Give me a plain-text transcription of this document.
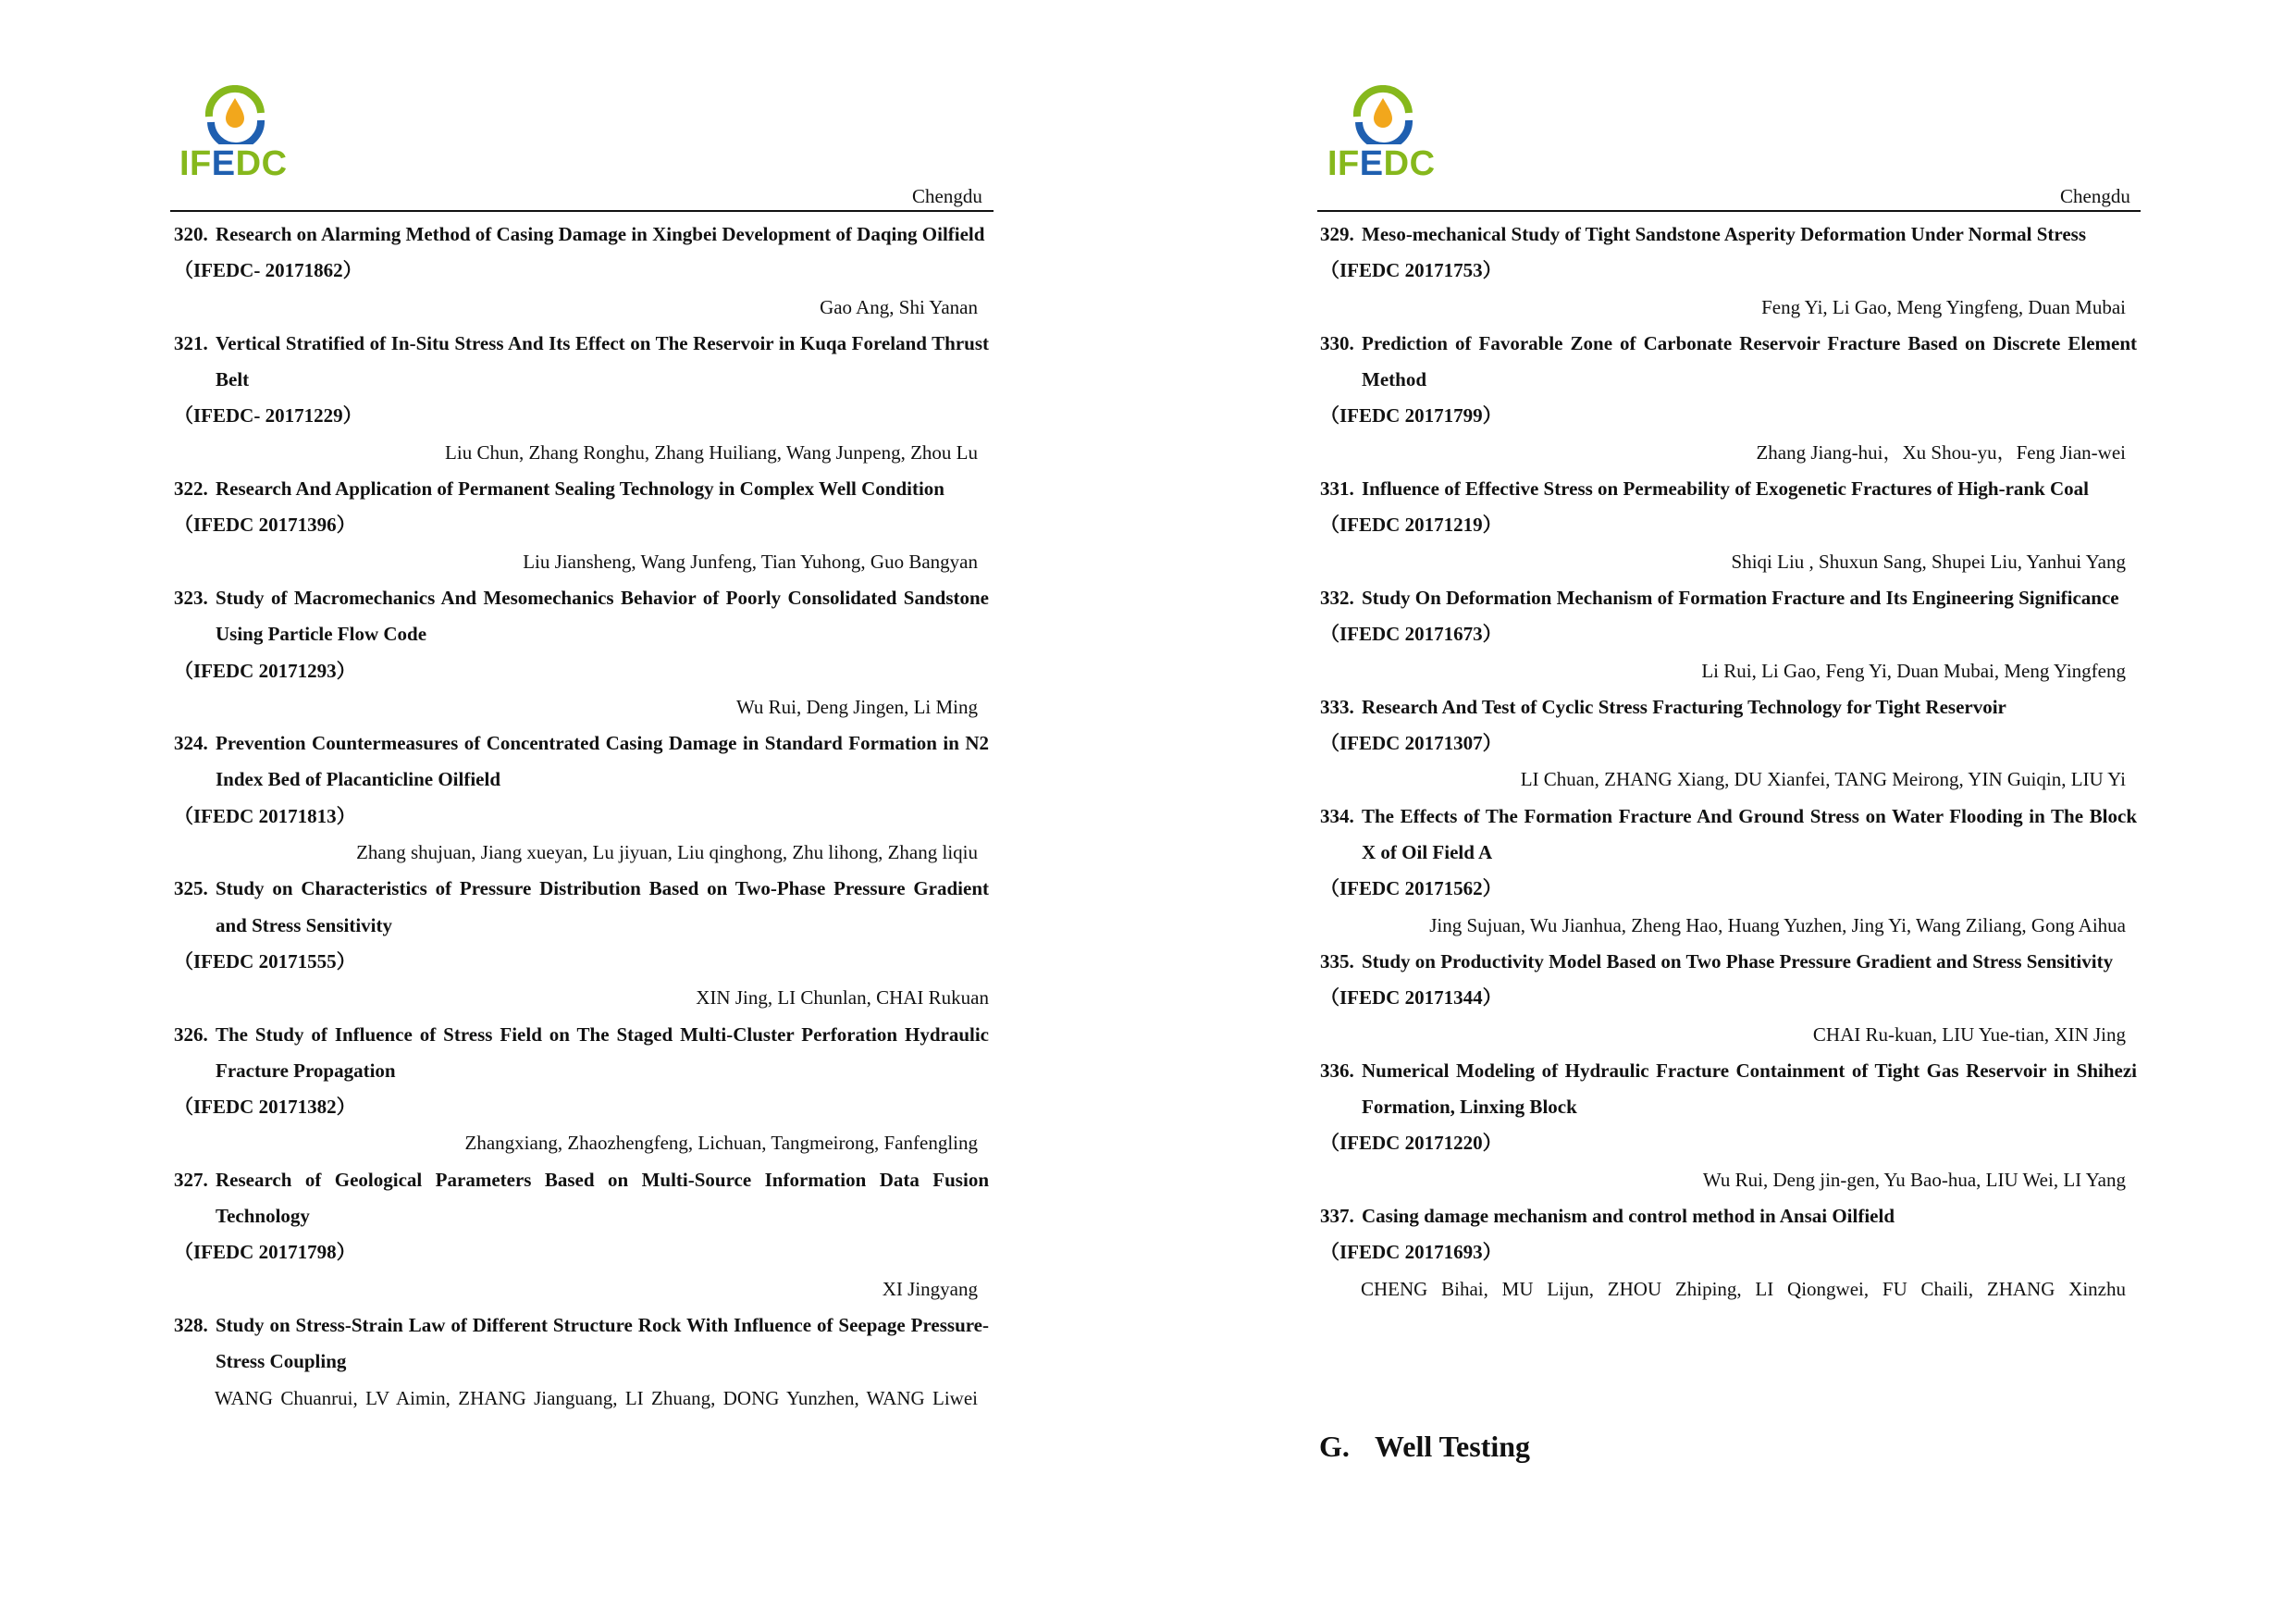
IFEDC
Chengdu

320. Research on Alarming Method of Casing Damage in Xingbei Development of Daqing Oilfield

（IFEDC- 20171862）

Gao Ang, Shi Yanan

321. Vertical Stratified of In-Situ Stress And Its Effect on The Reservoir in Kuqa Foreland Thrust Belt

（IFEDC- 20171229）

Liu Chun, Zhang Ronghu, Zhang Huiliang, Wang Junpeng, Zhou Lu

322. Research And Application of Permanent Sealing Technology in Complex Well Condition

（IFEDC 20171396）

Liu Jiansheng, Wang Junfeng, Tian Yuhong, Guo Bangyan

323. Study of Macromechanics And Mesomechanics Behavior of Poorly Consolidated Sandstone Using Particle Flow Code

（IFEDC 20171293）

Wu Rui, Deng Jingen, Li Ming

324. Prevention Countermeasures of Concentrated Casing Damage in Standard Formation in N2 Index Bed of Placanticline Oilfield

（IFEDC 20171813）

Zhang shujuan, Jiang xueyan, Lu jiyuan, Liu qinghong, Zhu lihong, Zhang liqiu

325. Study on Characteristics of Pressure Distribution Based on Two-Phase Pressure Gradient and Stress Sensitivity

（IFEDC 20171555）

XIN Jing, LI Chunlan, CHAI Rukuan

326. The Study of Influence of Stress Field on The Staged Multi-Cluster Perforation Hydraulic Fracture Propagation

（IFEDC 20171382）

Zhangxiang, Zhaozhengfeng, Lichuan, Tangmeirong, Fanfengling

327. Research of Geological Parameters Based on Multi-Source Information Data Fusion Technology

（IFEDC 20171798）

XI Jingyang

328. Study on Stress-Strain Law of Different Structure Rock With Influence of Seepage Pressure-Stress Coupling

WANG Chuanrui, LV Aimin, ZHANG Jianguang, LI Zhuang, DONG Yunzhen, WANG Liwei

IFEDC
Chengdu

329. Meso-mechanical Study of Tight Sandstone Asperity Deformation Under Normal Stress

（IFEDC 20171753）

Feng Yi, Li Gao, Meng Yingfeng, Duan Mubai

330. Prediction of Favorable Zone of Carbonate Reservoir Fracture Based on Discrete Element Method

（IFEDC 20171799）

Zhang Jiang-hui，Xu Shou-yu，Feng Jian-wei

331. Influence of Effective Stress on Permeability of Exogenetic Fractures of High-rank Coal

（IFEDC 20171219）

Shiqi Liu , Shuxun Sang, Shupei Liu, Yanhui Yang

332. Study On Deformation Mechanism of Formation Fracture and Its Engineering Significance

（IFEDC 20171673）

Li Rui, Li Gao, Feng Yi, Duan Mubai, Meng Yingfeng

333. Research And Test of Cyclic Stress Fracturing Technology for Tight Reservoir

（IFEDC 20171307）

LI Chuan, ZHANG Xiang, DU Xianfei, TANG Meirong, YIN Guiqin, LIU Yi

334. The Effects of The Formation Fracture And Ground Stress on Water Flooding in The Block X of Oil Field A

（IFEDC 20171562）

Jing Sujuan, Wu Jianhua, Zheng Hao, Huang Yuzhen, Jing Yi, Wang Ziliang, Gong Aihua

335. Study on Productivity Model Based on Two Phase Pressure Gradient and Stress Sensitivity

（IFEDC 20171344）

CHAI Ru-kuan, LIU Yue-tian, XIN Jing

336. Numerical Modeling of Hydraulic Fracture Containment of Tight Gas Reservoir in Shihezi Formation, Linxing Block

（IFEDC 20171220）

Wu Rui, Deng jin-gen, Yu Bao-hua, LIU Wei, LI Yang

337. Casing damage mechanism and control method in Ansai Oilfield

（IFEDC 20171693）

CHENG Bihai, MU Lijun, ZHOU Zhiping, LI Qiongwei, FU Chaili, ZHANG Xinzhu

G. Well Testing
